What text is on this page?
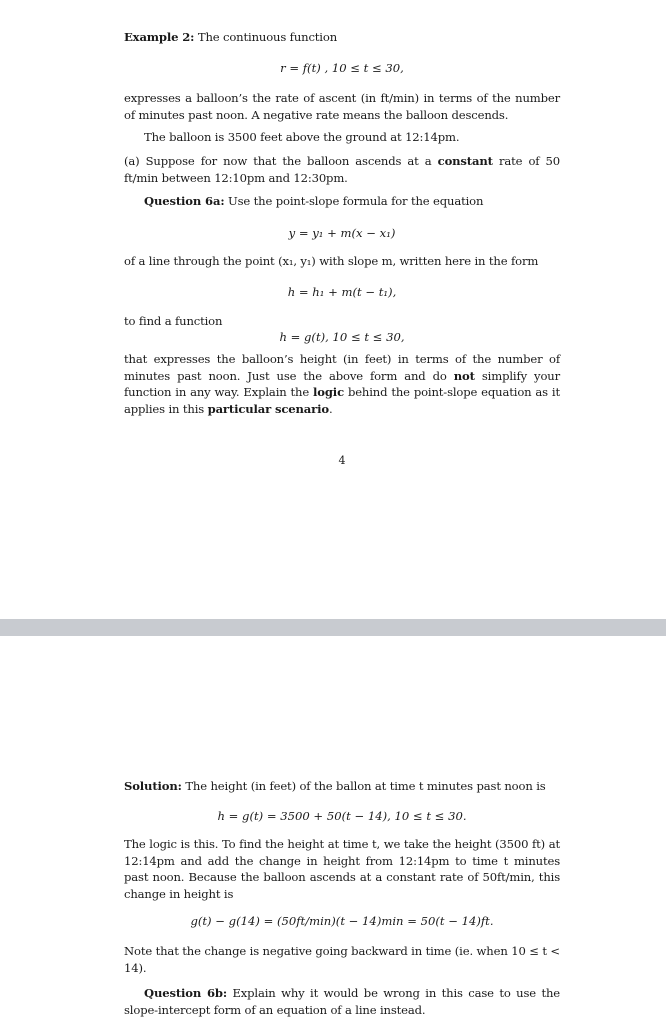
Example 2: The continuous function
r = f(t) , 10 ≤ t ≤ 30,
expresses a balloon’s the rate of ascent (in ft/min) in terms of the number of minutes past noon. A negative rate means the balloon descends.
The balloon is 3500 feet above the ground at 12:14pm.
(a) Suppose for now that the balloon ascends at a constant rate of 50 ft/min between 12:10pm and 12:30pm.
Question 6a: Use the point-slope formula for the equation
y = y₁ + m(x − x₁)
of a line through the point (x₁, y₁) with slope m, written here in the form
h = h₁ + m(t − t₁),
to find a function
h = g(t), 10 ≤ t ≤ 30,
that expresses the balloon’s height (in feet) in terms of the number of minutes past noon. Just use the above form and do not simplify your function in any way. Explain the logic behind the point-slope equation as it applies in this particular scenario.
4
Solution: The height (in feet) of the ballon at time t minutes past noon is
h = g(t) = 3500 + 50(t − 14), 10 ≤ t ≤ 30.
The logic is this. To find the height at time t, we take the height (3500 ft) at 12:14pm and add the change in height from 12:14pm to time t minutes past noon. Because the balloon ascends at a constant rate of 50ft/min, this change in height is
g(t) − g(14) = (50ft/min)(t − 14)min = 50(t − 14)ft.
Note that the change is negative going backward in time (ie. when 10 ≤ t < 14).
Question 6b: Explain why it would be wrong in this case to use the slope-intercept form of an equation of a line instead.
